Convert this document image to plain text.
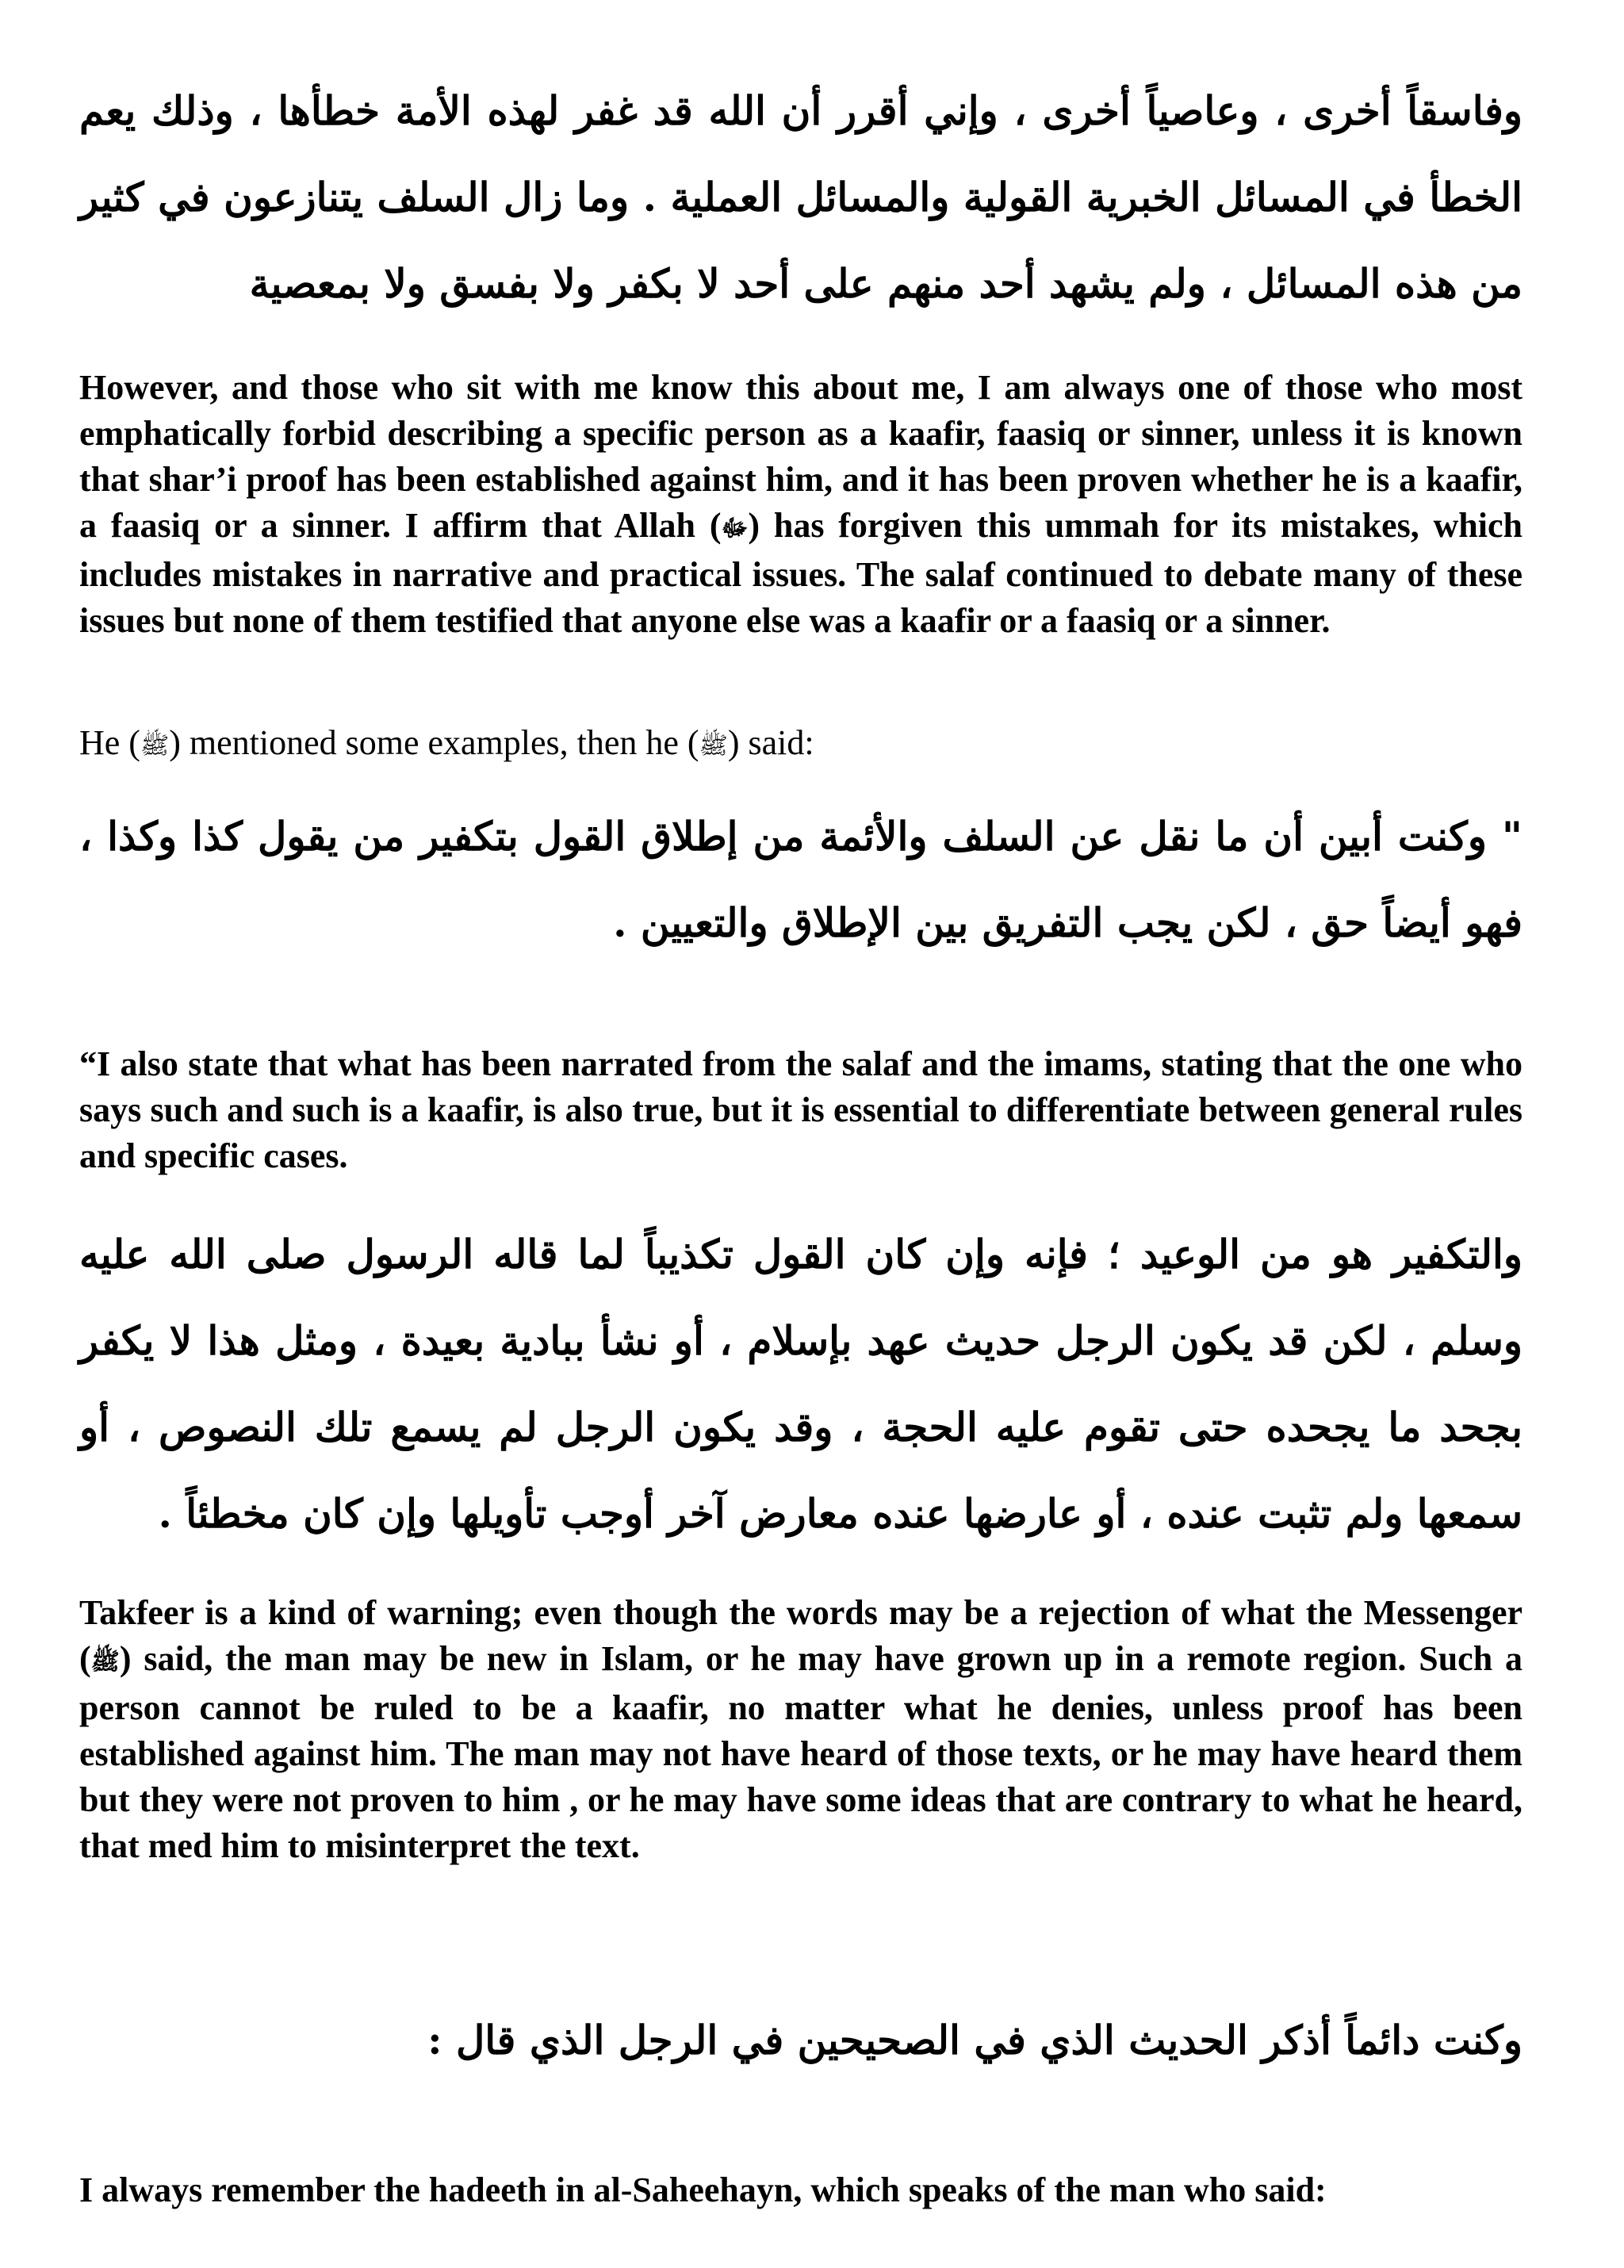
وفاسقاً أخرى ، وعاصياً أخرى ، وإني أقرر أن الله قد غفر لهذه الأمة خطأها ، وذلك يعم الخطأ في المسائل الخبرية القولية والمسائل العملية . وما زال السلف يتنازعون في كثير من هذه المسائل ، ولم يشهد أحد منهم على أحد لا بكفر ولا بفسق ولا بمعصية

However, and those who sit with me know this about me, I am always one of those who most emphatically forbid describing a specific person as a kaafir, faasiq or sinner, unless it is known that shar’i proof has been established against him, and it has been proven whether he is a kaafir, a faasiq or a sinner. I affirm that Allah (ﷻ) has forgiven this ummah for its mistakes, which includes mistakes in narrative and practical issues. The salaf continued to debate many of these issues but none of them testified that anyone else was a kaafir or a faasiq or a sinner.

He (ﷺ) mentioned some examples, then he (ﷺ) said:

" وكنت أبين أن ما نقل عن السلف والأئمة من إطلاق القول بتكفير من يقول كذا وكذا ، فهو أيضاً حق ، لكن يجب التفريق بين الإطلاق والتعيين .

“I also state that what has been narrated from the salaf and the imams, stating that the one who says such and such is a kaafir, is also true, but it is essential to differentiate between general rules and specific cases.

والتكفير هو من الوعيد ؛ فإنه وإن كان القول تكذيباً لما قاله الرسول صلى الله عليه وسلم ، لكن قد يكون الرجل حديث عهد بإسلام ، أو نشأ ببادية بعيدة ، ومثل هذا لا يكفر بجحد ما يجحده حتى تقوم عليه الحجة ، وقد يكون الرجل لم يسمع تلك النصوص ، أو سمعها ولم تثبت عنده ، أو عارضها عنده معارض آخر أوجب تأويلها وإن كان مخطئاً .

Takfeer is a kind of warning; even though the words may be a rejection of what the Messenger (ﷺ) said, the man may be new in Islam, or he may have grown up in a remote region. Such a person cannot be ruled to be a kaafir, no matter what he denies, unless proof has been established against him. The man may not have heard of those texts, or he may have heard them but they were not proven to him , or he may have some ideas that are contrary to what he heard, that med him to misinterpret the text.

وكنت دائماً أذكر الحديث الذي في الصحيحين في الرجل الذي قال :

I always remember the hadeeth in al-Saheehayn, which speaks of the man who said:
